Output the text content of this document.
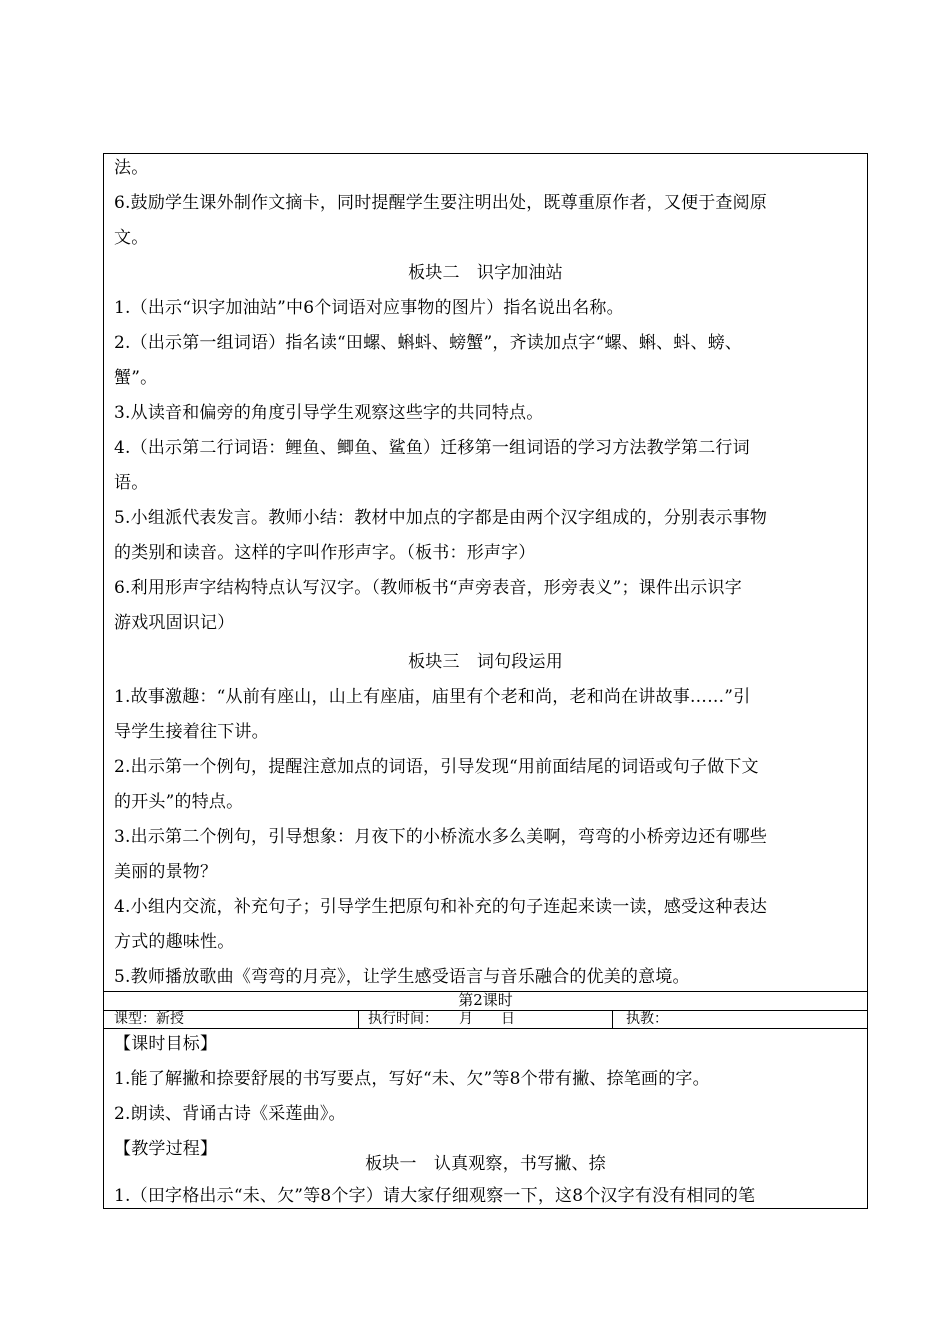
法。
6.鼓励学生课外制作文摘卡，同时提醒学生要注明出处，既尊重原作者，又便于查阅原
文。
板块二　识字加油站
1.（出示“识字加油站”中6个词语对应事物的图片）指名说出名称。
2.（出示第一组词语）指名读“田螺、蝌蚪、螃蟹”，齐读加点字“螺、蝌、蚪、螃、
蟹”。
3.从读音和偏旁的角度引导学生观察这些字的共同特点。
4.（出示第二行词语：鲤鱼、鲫鱼、鲨鱼）迁移第一组词语的学习方法教学第二行词
语。
5.小组派代表发言。教师小结：教材中加点的字都是由两个汉字组成的，分别表示事物
的类别和读音。这样的字叫作形声字。（板书：形声字）
6.利用形声字结构特点认写汉字。（教师板书“声旁表音，形旁表义”；课件出示识字
游戏巩固识记）
板块三　词句段运用
1.故事激趣：“从前有座山，山上有座庙，庙里有个老和尚，老和尚在讲故事……”引
导学生接着往下讲。
2.出示第一个例句，提醒注意加点的词语，引导发现“用前面结尾的词语或句子做下文
的开头”的特点。
3.出示第二个例句，引导想象：月夜下的小桥流水多么美啊，弯弯的小桥旁边还有哪些
美丽的景物？
4.小组内交流，补充句子；引导学生把原句和补充的句子连起来读一读，感受这种表达
方式的趣味性。
5.教师播放歌曲《弯弯的月亮》，让学生感受语言与音乐融合的优美的意境。
第2课时
课型：新授	执行时间：　　月　　日	执教：
【课时目标】
1.能了解撇和捺要舒展的书写要点，写好“未、欠”等8个带有撇、捺笔画的字。
2.朗读、背诵古诗《采莲曲》。
【教学过程】
板块一　认真观察，书写撇、捺
1.（田字格出示“未、欠”等8个字）请大家仔细观察一下，这8个汉字有没有相同的笔
